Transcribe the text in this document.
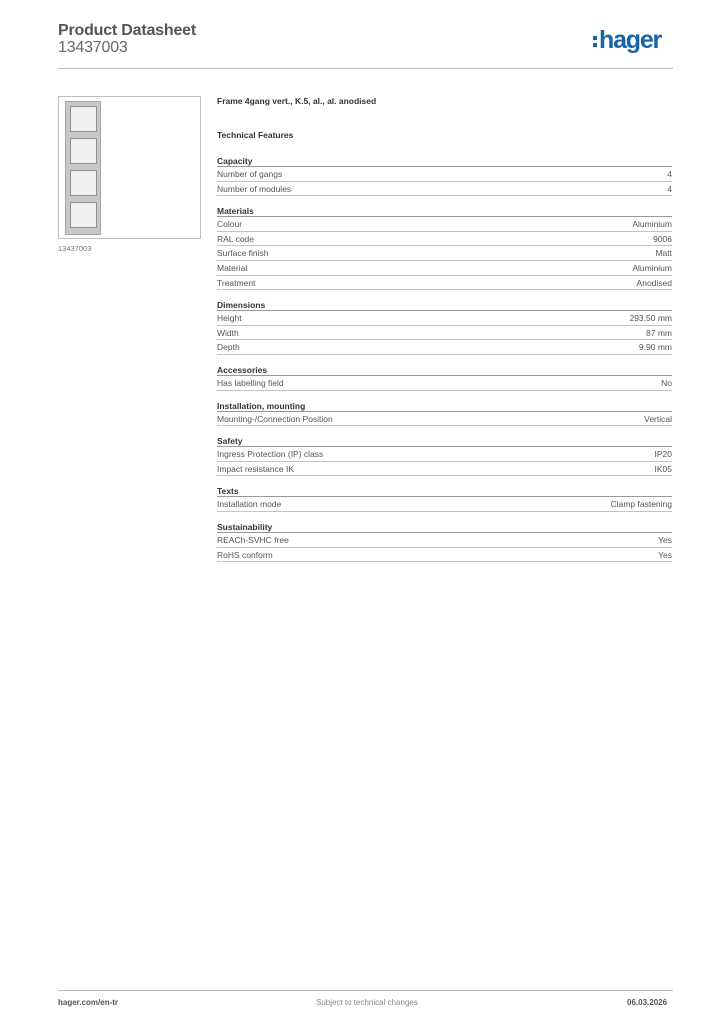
Product Datasheet
13437003	hager
13437003
Frame 4gang vert., K.5, al., al. anodised
Technical Features
Capacity
Number of gangs	4
Number of modules	4
Materials
Colour	Aluminium
RAL code	9006
Surface finish	Matt
Material	Aluminium
Treatment	Anodised
Dimensions
Height	293.50 mm
Width	87 mm
Depth	9.90 mm
Accessories
Has labelling field	No
Installation, mounting
Mounting-/Connection Position	Vertical
Safety
Ingress Protection (IP) class	IP20
Impact resistance IK	IK05
Texts
Installation mode	Clamp fastening
Sustainability
REACh-SVHC free	Yes
RoHS conform	Yes
hager.com/en-tr	Subject to technical changes	06.03.2026
